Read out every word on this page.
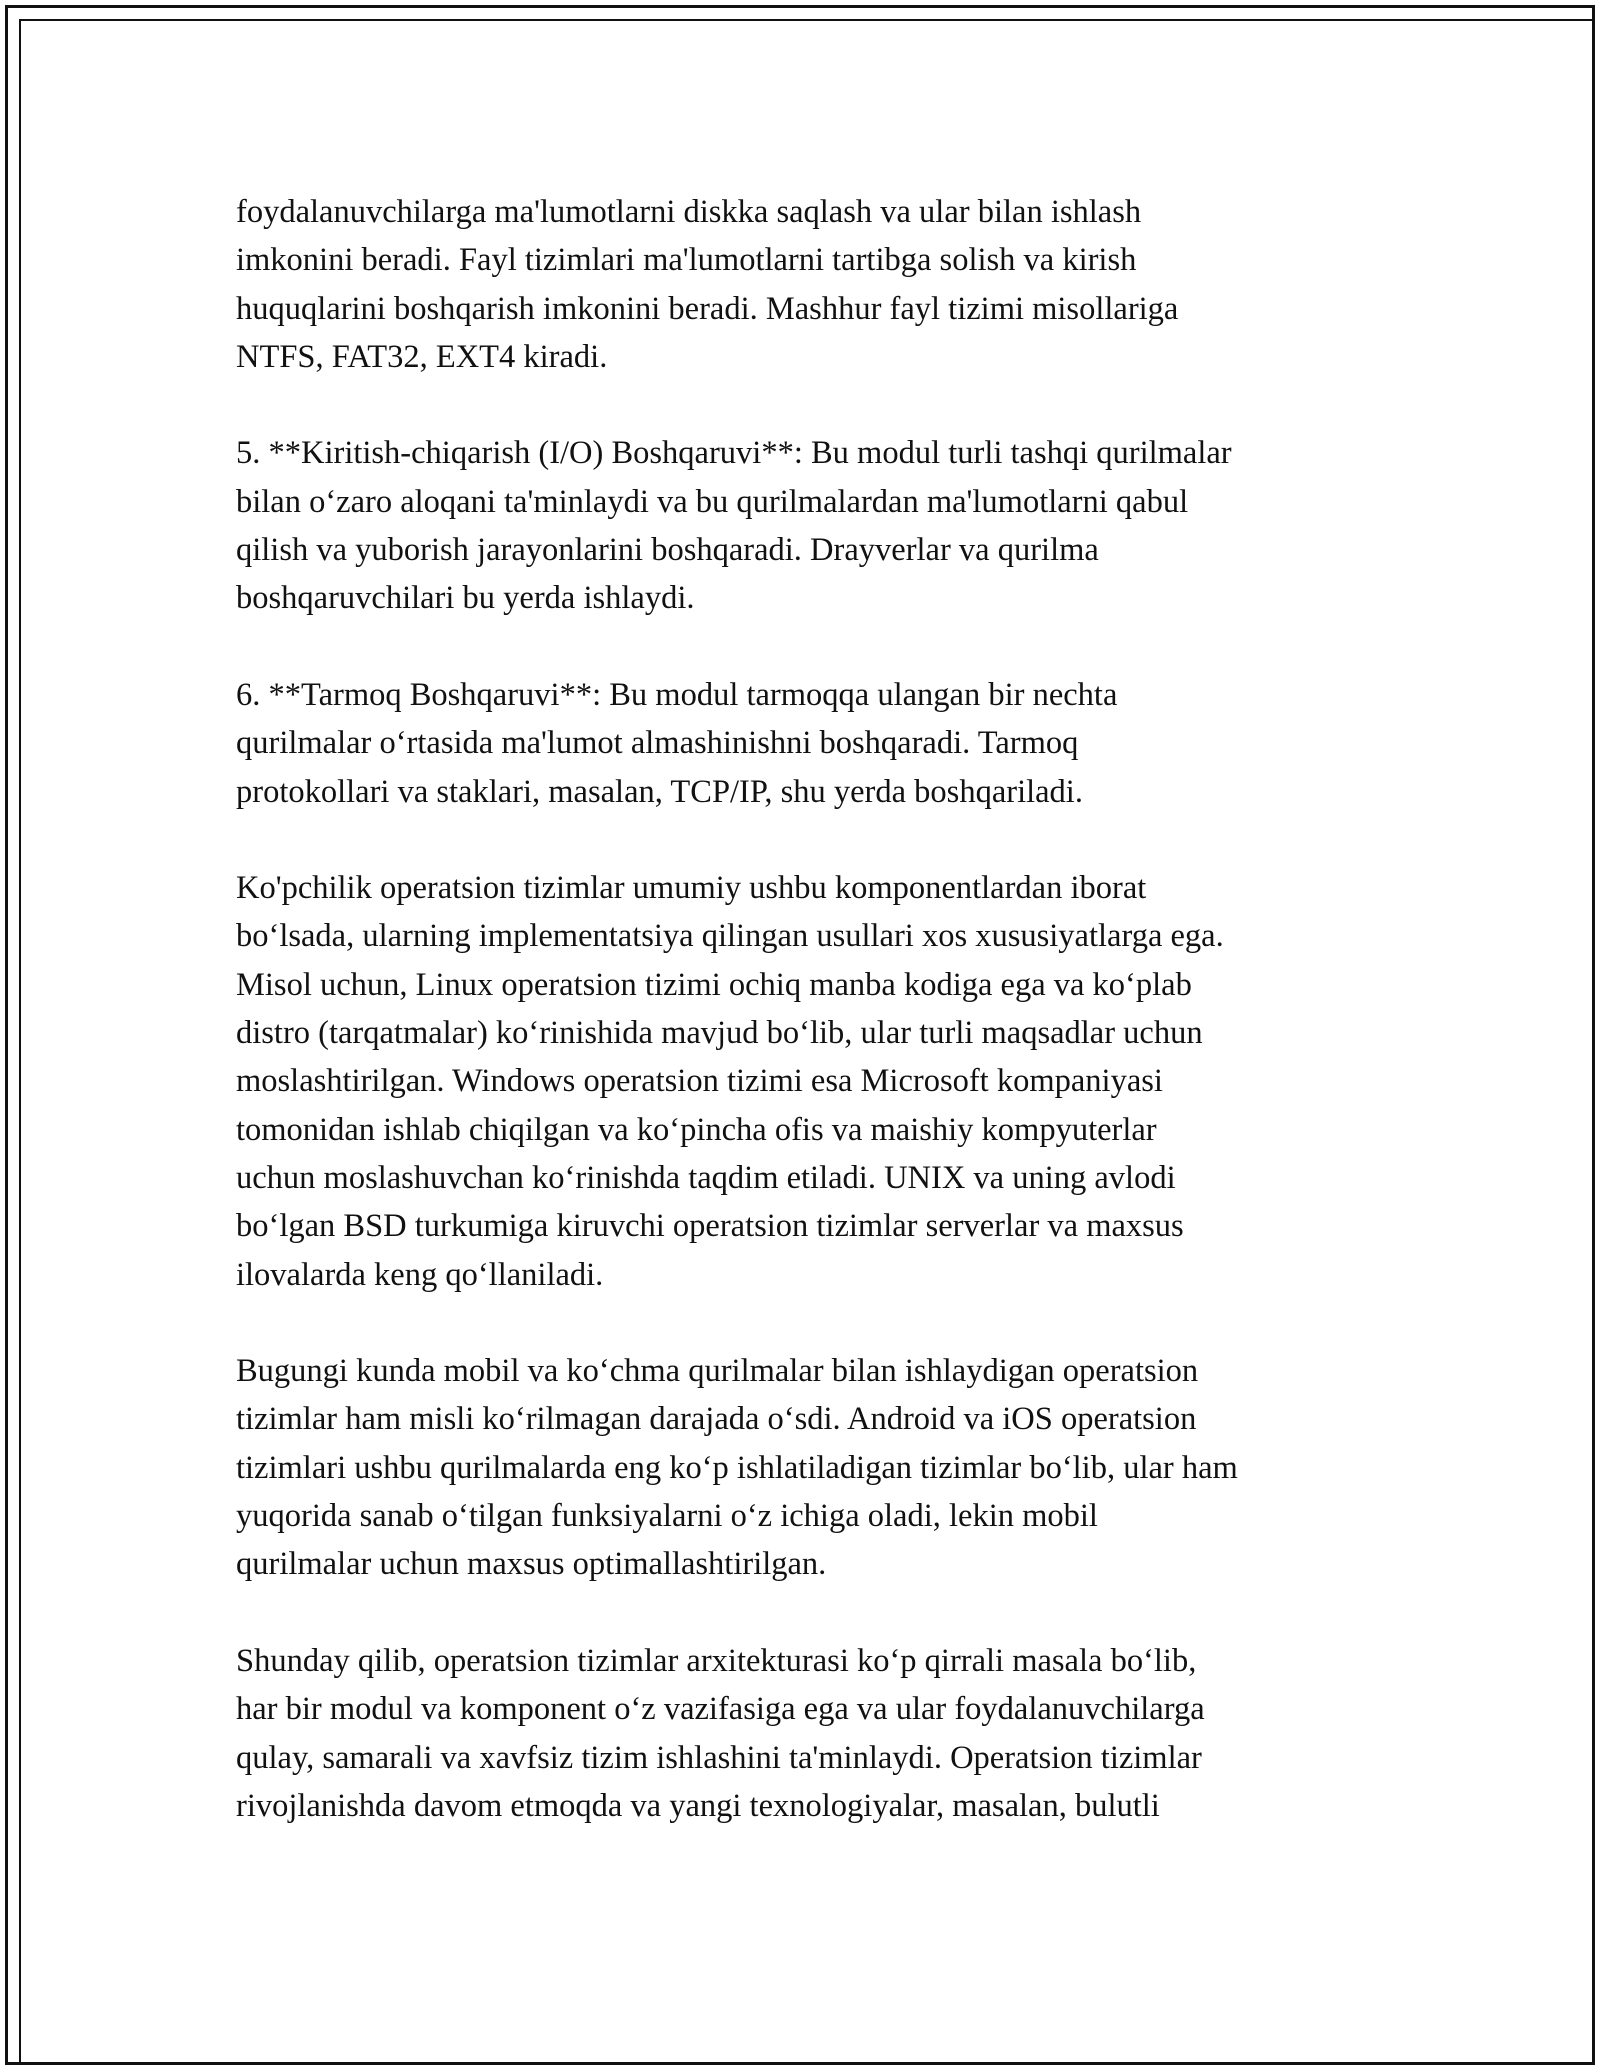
foydalanuvchilarga ma'lumotlarni diskka saqlash va ular bilan ishlash
imkonini beradi. Fayl tizimlari ma'lumotlarni tartibga solish va kirish
huquqlarini boshqarish imkonini beradi. Mashhur fayl tizimi misollariga
NTFS, FAT32, EXT4 kiradi.

5. **Kiritish-chiqarish (I/O) Boshqaruvi**: Bu modul turli tashqi qurilmalar
bilan oʻzaro aloqani ta'minlaydi va bu qurilmalardan ma'lumotlarni qabul
qilish va yuborish jarayonlarini boshqaradi. Drayverlar va qurilma
boshqaruvchilari bu yerda ishlaydi.

6. **Tarmoq Boshqaruvi**: Bu modul tarmoqqa ulangan bir nechta
qurilmalar oʻrtasida ma'lumot almashinishni boshqaradi. Tarmoq
protokollari va staklari, masalan, TCP/IP, shu yerda boshqariladi.

Ko'pchilik operatsion tizimlar umumiy ushbu komponentlardan iborat
boʻlsada, ularning implementatsiya qilingan usullari xos xususiyatlarga ega.
Misol uchun, Linux operatsion tizimi ochiq manba kodiga ega va koʻplab
distro (tarqatmalar) koʻrinishida mavjud boʻlib, ular turli maqsadlar uchun
moslashtirilgan. Windows operatsion tizimi esa Microsoft kompaniyasi
tomonidan ishlab chiqilgan va koʻpincha ofis va maishiy kompyuterlar
uchun moslashuvchan koʻrinishda taqdim etiladi. UNIX va uning avlodi
boʻlgan BSD turkumiga kiruvchi operatsion tizimlar serverlar va maxsus
ilovalarda keng qoʻllaniladi.

Bugungi kunda mobil va koʻchma qurilmalar bilan ishlaydigan operatsion
tizimlar ham misli koʻrilmagan darajada oʻsdi. Android va iOS operatsion
tizimlari ushbu qurilmalarda eng koʻp ishlatiladigan tizimlar boʻlib, ular ham
yuqorida sanab oʻtilgan funksiyalarni oʻz ichiga oladi, lekin mobil
qurilmalar uchun maxsus optimallashtirilgan.

Shunday qilib, operatsion tizimlar arxitekturasi koʻp qirrali masala boʻlib,
har bir modul va komponent oʻz vazifasiga ega va ular foydalanuvchilarga
qulay, samarali va xavfsiz tizim ishlashini ta'minlaydi. Operatsion tizimlar
rivojlanishda davom etmoqda va yangi texnologiyalar, masalan, bulutli
